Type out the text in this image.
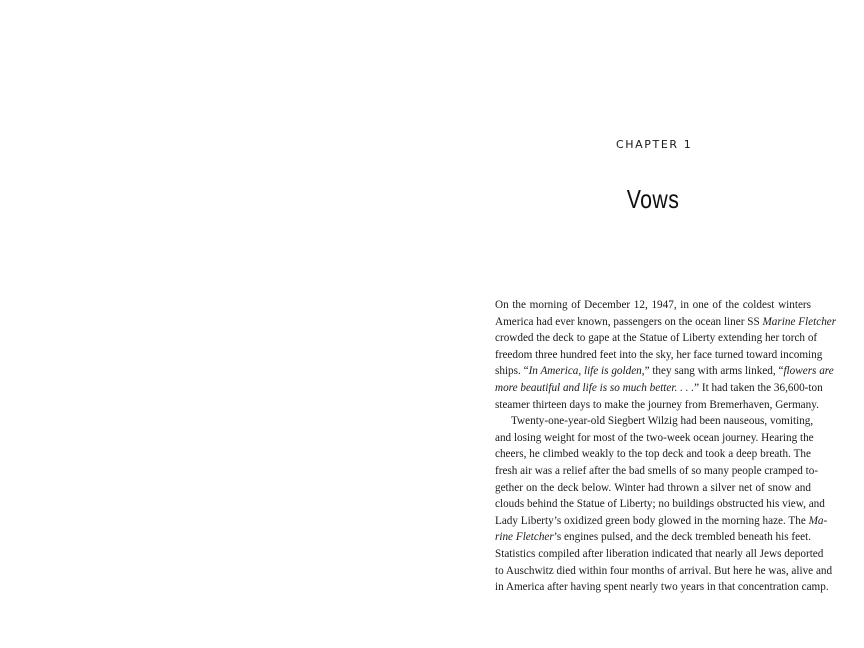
CHAPTER 1
Vows
On the morning of December 12, 1947, in one of the coldest winters
America had ever known, passengers on the ocean liner SS Marine Fletcher
crowded the deck to gape at the Statue of Liberty extending her torch of
freedom three hundred feet into the sky, her face turned toward incoming
ships. “In America, life is golden,” they sang with arms linked, “flowers are
more beautiful and life is so much better. . . .” It had taken the 36,600-ton
steamer thirteen days to make the journey from Bremerhaven, Germany.
Twenty-one-year-old Siegbert Wilzig had been nauseous, vomiting,
and losing weight for most of the two-week ocean journey. Hearing the
cheers, he climbed weakly to the top deck and took a deep breath. The
fresh air was a relief after the bad smells of so many people cramped to-
gether on the deck below. Winter had thrown a silver net of snow and
clouds behind the Statue of Liberty; no buildings obstructed his view, and
Lady Liberty’s oxidized green body glowed in the morning haze. The Ma-
rine Fletcher’s engines pulsed, and the deck trembled beneath his feet.
Statistics compiled after liberation indicated that nearly all Jews deported
to Auschwitz died within four months of arrival. But here he was, alive and
in America after having spent nearly two years in that concentration camp.
